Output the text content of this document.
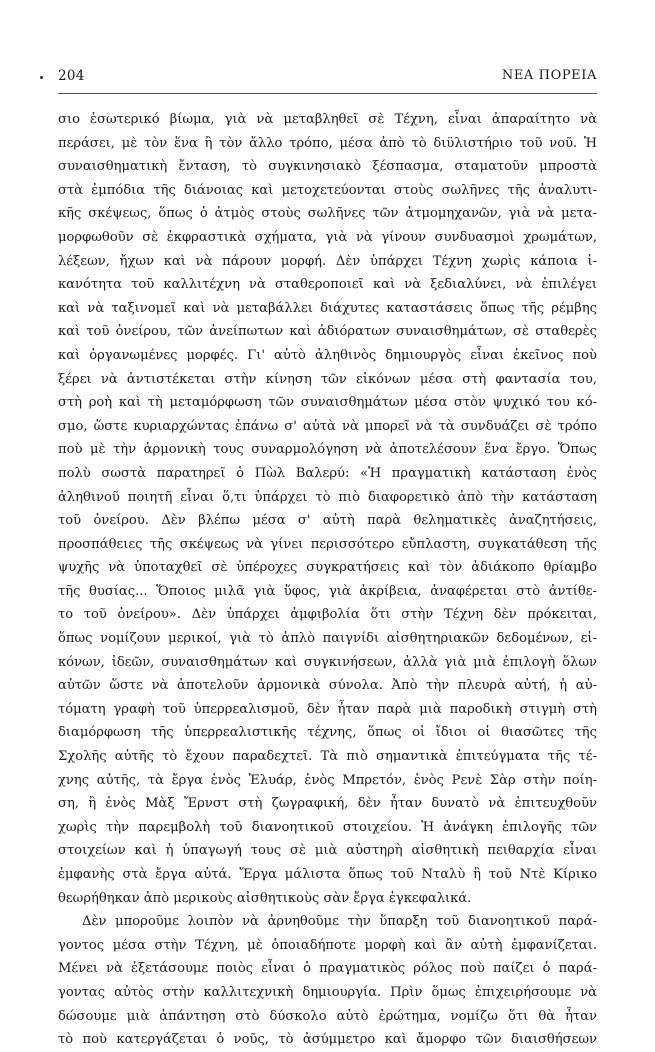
204	ΝΕΑ ΠΟΡΕΙΑ
σιο ἐσωτερικό βίωμα, γιὰ νὰ μεταβληθεῖ σὲ Τέχνη, εἶναι ἀπαραίτητο νὰ
περάσει, μὲ τὸν ἕνα ἢ τὸν ἄλλο τρόπο, μέσα ἀπὸ τὸ διϋλιστήριο τοῦ νοῦ. Ἡ
συναισθηματικὴ ἔνταση, τὸ συγκινησιακὸ ξέσπασμα, σταματοῦν μπροστὰ
στὰ ἐμπόδια τῆς διάνοιας καὶ μετοχετεύονται στοὺς σωλῆνες τῆς ἀναλυτι-
κῆς σκέψεως, ὅπως ὁ ἀτμὸς στοὺς σωλῆνες τῶν ἀτμομηχανῶν, γιὰ νὰ μετα-
μορφωθοῦν σὲ ἐκφραστικὰ σχήματα, γιὰ νὰ γίνουν συνδυασμοὶ χρωμάτων,
λέξεων, ἤχων καὶ νὰ πάρουν μορφή. Δὲν ὑπάρχει Τέχνη χωρὶς κάποια ἱ-
κανότητα τοῦ καλλιτέχνη νὰ σταθεροποιεῖ καὶ νὰ ξεδιαλύνει, νὰ ἐπιλέγει
καὶ νὰ ταξινομεῖ καὶ νὰ μεταβάλλει διάχυτες καταστάσεις ὅπως τῆς ρέμβης
καὶ τοῦ ὀνείρου, τῶν ἀνείπωτων καὶ ἀδιόρατων συναισθημάτων, σὲ σταθερὲς
καὶ ὀργανωμένες μορφές. Γι' αὐτὸ ἀληθινὸς δημιουργὸς εἶναι ἐκεῖνος ποὺ
ξέρει νὰ ἀντιστέκεται στὴν κίνηση τῶν εἰκόνων μέσα στὴ φαντασία του,
στὴ ροὴ καὶ τὴ μεταμόρφωση τῶν συναισθημάτων μέσα στὸν ψυχικό του κό-
σμο, ὥστε κυριαρχώντας ἐπάνω σ' αὐτὰ νὰ μπορεῖ νὰ τὰ συνδυάζει σὲ τρόπο
ποὺ μὲ τὴν ἁρμονικὴ τους συναρμολόγηση νὰ ἀποτελέσουν ἕνα ἔργο. Ὅπως
πολὺ σωστὰ παρατηρεῖ ὁ Πὼλ Βαλερύ: «Ἡ πραγματικὴ κατάσταση ἑνὸς
ἀληθινοῦ ποιητῆ εἶναι ὅ,τι ὑπάρχει τὸ πιὸ διαφορετικὸ ἀπὸ τὴν κατάσταση
τοῦ ὀνείρου. Δὲν βλέπω μέσα σ' αὐτὴ παρὰ θεληματικὲς ἀναζητήσεις,
προσπάθειες τῆς σκέψεως νὰ γίνει περισσότερο εὔπλαστη, συγκατάθεση τῆς
ψυχῆς νὰ ὑποταχθεῖ σὲ ὑπέροχες συγκρατήσεις καὶ τὸν ἀδιάκοπο θρίαμβο
τῆς θυσίας... Ὅποιος μιλᾶ γιὰ ὕφος, γιὰ ἀκρίβεια, ἀναφέρεται στὸ ἀντίθε-
το τοῦ ὀνείρου». Δὲν ὑπάρχει ἀμφιβολία ὅτι στὴν Τέχνη δὲν πρόκειται,
ὅπως νομίζουν μερικοί, γιὰ τὸ ἁπλὸ παιγνίδι αἰσθητηριακῶν δεδομένων, εἰ-
κόνων, ἰδεῶν, συναισθημάτων καὶ συγκινήσεων, ἀλλὰ γιὰ μιὰ ἐπιλογὴ ὅλων
αὐτῶν ὥστε νὰ ἀποτελοῦν ἁρμονικὰ σύνολα. Ἀπὸ τὴν πλευρὰ αὐτή, ἡ αὐ-
τόματη γραφὴ τοῦ ὑπερρεαλισμοῦ, δὲν ἦταν παρὰ μιὰ παροδικὴ στιγμὴ στὴ
διαμόρφωση τῆς ὑπερρεαλιστικῆς τέχνης, ὅπως οἱ ἴδιοι οἱ θιασῶτες τῆς
Σχολῆς αὐτῆς τὸ ἔχουν παραδεχτεῖ. Τὰ πιὸ σημαντικὰ ἐπιτεύγματα τῆς τέ-
χνης αὐτῆς, τὰ ἔργα ἑνὸς Ἐλυάρ, ἑνὸς Μπρετόν, ἑνὸς Ρενὲ Σὰρ στὴν ποίη-
ση, ἢ ἑνὸς Μὰξ Ἔρνστ στὴ ζωγραφική, δὲν ἦταν δυνατὸ νὰ ἐπιτευχθοῦν
χωρὶς τὴν παρεμβολὴ τοῦ διανοητικοῦ στοιχείου. Ἡ ἀνάγκη ἐπιλογῆς τῶν
στοιχείων καὶ ἡ ὑπαγωγή τους σὲ μιὰ αὐστηρὴ αἰσθητικὴ πειθαρχία εἶναι
ἐμφανὴς στὰ ἔργα αὐτά. Ἔργα μάλιστα ὅπως τοῦ Νταλὺ ἢ τοῦ Ντὲ Κίρικο
θεωρήθηκαν ἀπὸ μερικοὺς αἰσθητικοὺς σὰν ἔργα ἐγκεφαλικά.
Δὲν μποροῦμε λοιπὸν νὰ ἀρνηθοῦμε τὴν ὕπαρξη τοῦ διανοητικοῦ παρά-
γοντος μέσα στὴν Τέχνη, μὲ ὁποιαδήποτε μορφὴ καὶ ἂν αὐτὴ ἐμφανίζεται.
Μένει νὰ ἐξετάσουμε ποιὸς εἶναι ὁ πραγματικὸς ρόλος ποὺ παίζει ὁ παρά-
γοντας αὐτὸς στὴν καλλιτεχνικὴ δημιουργία. Πρὶν ὅμως ἐπιχειρήσουμε νὰ
δώσουμε μιὰ ἀπάντηση στὸ δύσκολο αὐτὸ ἐρώτημα, νομίζω ὅτι θὰ ἦταν
τὸ ποὺ κατεργάζεται ὁ νοῦς, τὸ ἀσύμμετρο καὶ ἄμορφο τῶν διαισθήσεων
